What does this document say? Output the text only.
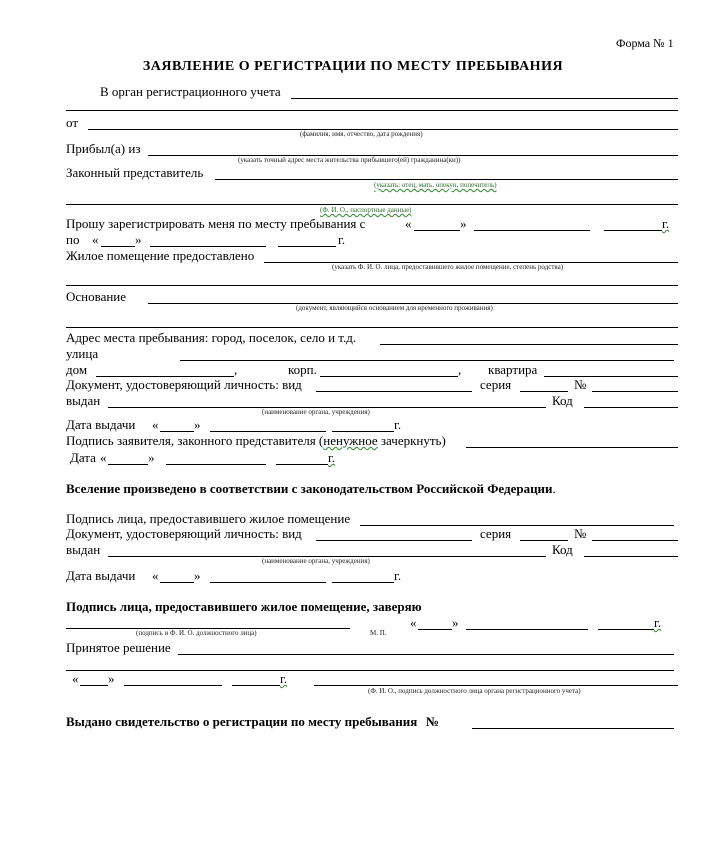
Форма № 1
ЗАЯВЛЕНИЕ О РЕГИСТРАЦИИ ПО МЕСТУ ПРЕБЫВАНИЯ
В орган регистрационного учета
от
(фамилия, имя, отчество, дата рождения)
Прибыл(а) из
(указать точный адрес места жительства прибывшего(ей) гражданина(ки))
Законный представитель
(указать: отец, мать, опекун, попечитель)
(Ф. И. О., паспортные данные)
Прошу зарегистрировать меня по месту пребывания с	«	»	г.
по «	»	г.
Жилое помещение предоставлено
(указать Ф. И. О. лица, предоставившего жилое помещение, степень родства)
Основание
(документ, являющийся основанием для временного проживания)
Адрес места пребывания: город, поселок, село и т.д.
улица
дом	,	корп.	, квартира
Документ, удостоверяющий личность: вид	серия	№
выдан	Код
(наименование органа, учреждения)
Дата выдачи «	»	г.
Подпись заявителя, законного представителя (ненужное зачеркнуть)
Дата «	»	г.
Вселение произведено в соответствии с законодательством Российской Федерации.
Подпись лица, предоставившего жилое помещение
Документ, удостоверяющий личность: вид	серия	№
выдан	Код
(наименование органа, учреждения)
Дата выдачи «	»	г.
Подпись лица, предоставившего жилое помещение, заверяю
(подпись и Ф. И. О. должностного лица)	М. П.
«	»	г.
Принятое решение
« »	г.
(Ф. И. О., подпись должностного лица органа регистрационного учета)
Выдано свидетельство о регистрации по месту пребывания №
